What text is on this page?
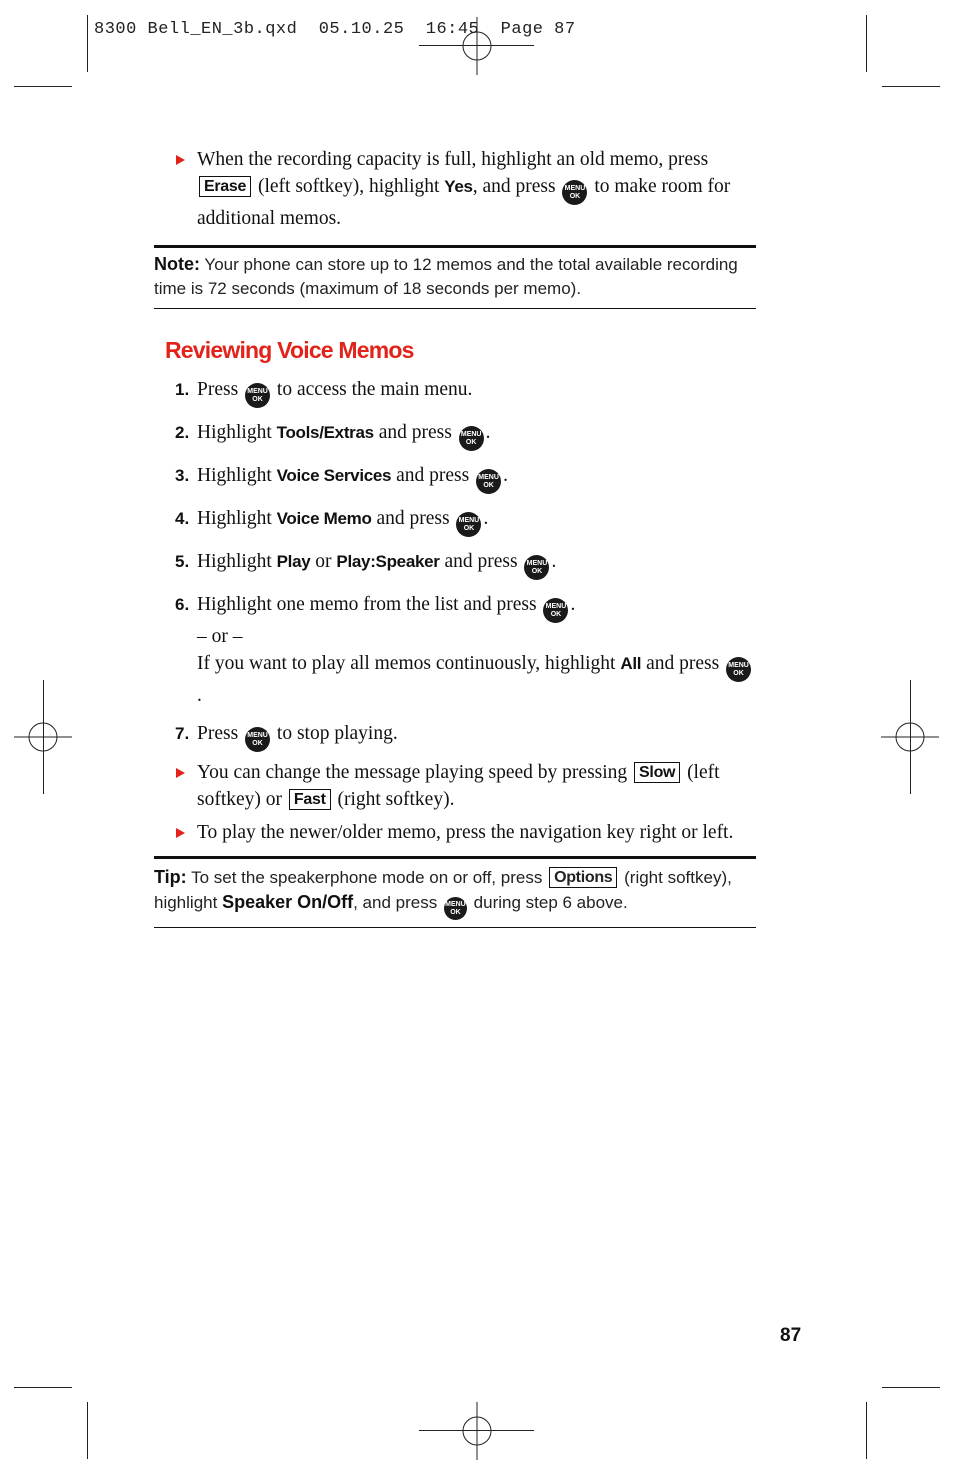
8300 Bell_EN_3b.qxd  05.10.25  16:45  Page 87
When the recording capacity is full, highlight an old memo, press Erase (left softkey), highlight Yes, and press MENU
OK to make room for additional memos.
Note: Your phone can store up to 12 memos and the total available recording time is 72 seconds (maximum of 18 seconds per memo).
Reviewing Voice Memos
1. Press MENU
OK to access the main menu.
2. Highlight Tools/Extras and press MENU
OK .
3. Highlight Voice Services and press MENU
OK .
4. Highlight Voice Memo and press MENU
OK .
5. Highlight Play or Play:Speaker and press MENU
OK .
6. Highlight one memo from the list and press MENU
OK .
– or –
If you want to play all memos continuously, highlight All and press MENU
OK.
7. Press MENU
OK to stop playing.
You can change the message playing speed by pressing Slow (left softkey) or Fast (right softkey).
To play the newer/older memo, press the navigation key right or left.
Tip: To set the speakerphone mode on or off, press Options (right softkey), highlight Speaker On/Off, and press MENU
OK during step 6 above.
87
